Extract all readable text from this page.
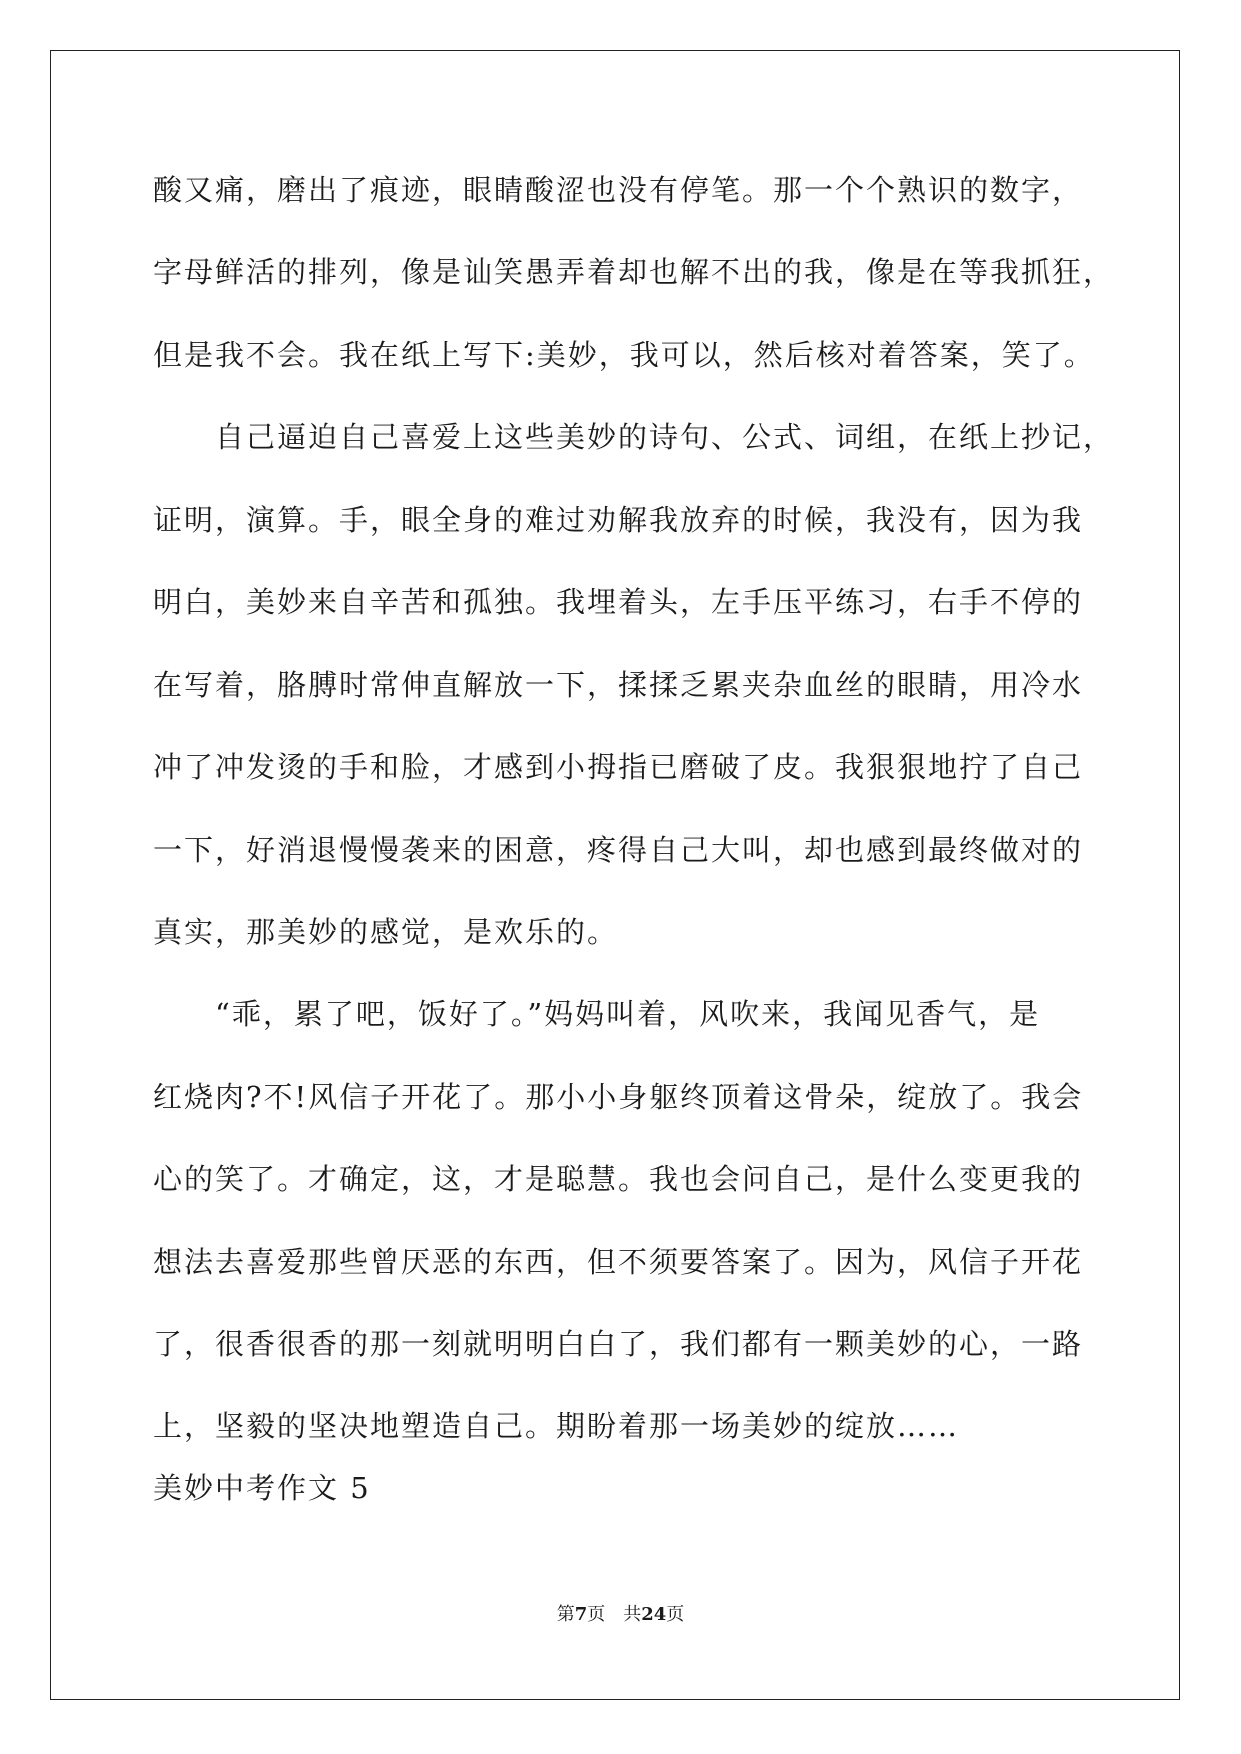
酸又痛，磨出了痕迹，眼睛酸涩也没有停笔。那一个个熟识的数字，
字母鲜活的排列，像是讪笑愚弄着却也解不出的我，像是在等我抓狂，
但是我不会。我在纸上写下:美妙，我可以，然后核对着答案，笑了。
自己逼迫自己喜爱上这些美妙的诗句、公式、词组，在纸上抄记，
证明，演算。手，眼全身的难过劝解我放弃的时候，我没有，因为我
明白，美妙来自辛苦和孤独。我埋着头，左手压平练习，右手不停的
在写着，胳膊时常伸直解放一下，揉揉乏累夹杂血丝的眼睛，用冷水
冲了冲发烫的手和脸，才感到小拇指已磨破了皮。我狠狠地拧了自己
一下，好消退慢慢袭来的困意，疼得自己大叫，却也感到最终做对的
真实，那美妙的感觉，是欢乐的。
“乖，累了吧，饭好了。”妈妈叫着，风吹来，我闻见香气，是
红烧肉?不!风信子开花了。那小小身躯终顶着这骨朵，绽放了。我会
心的笑了。才确定，这，才是聪慧。我也会问自己，是什么变更我的
想法去喜爱那些曾厌恶的东西，但不须要答案了。因为，风信子开花
了，很香很香的那一刻就明明白白了，我们都有一颗美妙的心，一路
上，坚毅的坚决地塑造自己。期盼着那一场美妙的绽放……
美妙中考作文 5
第7页　共24页
